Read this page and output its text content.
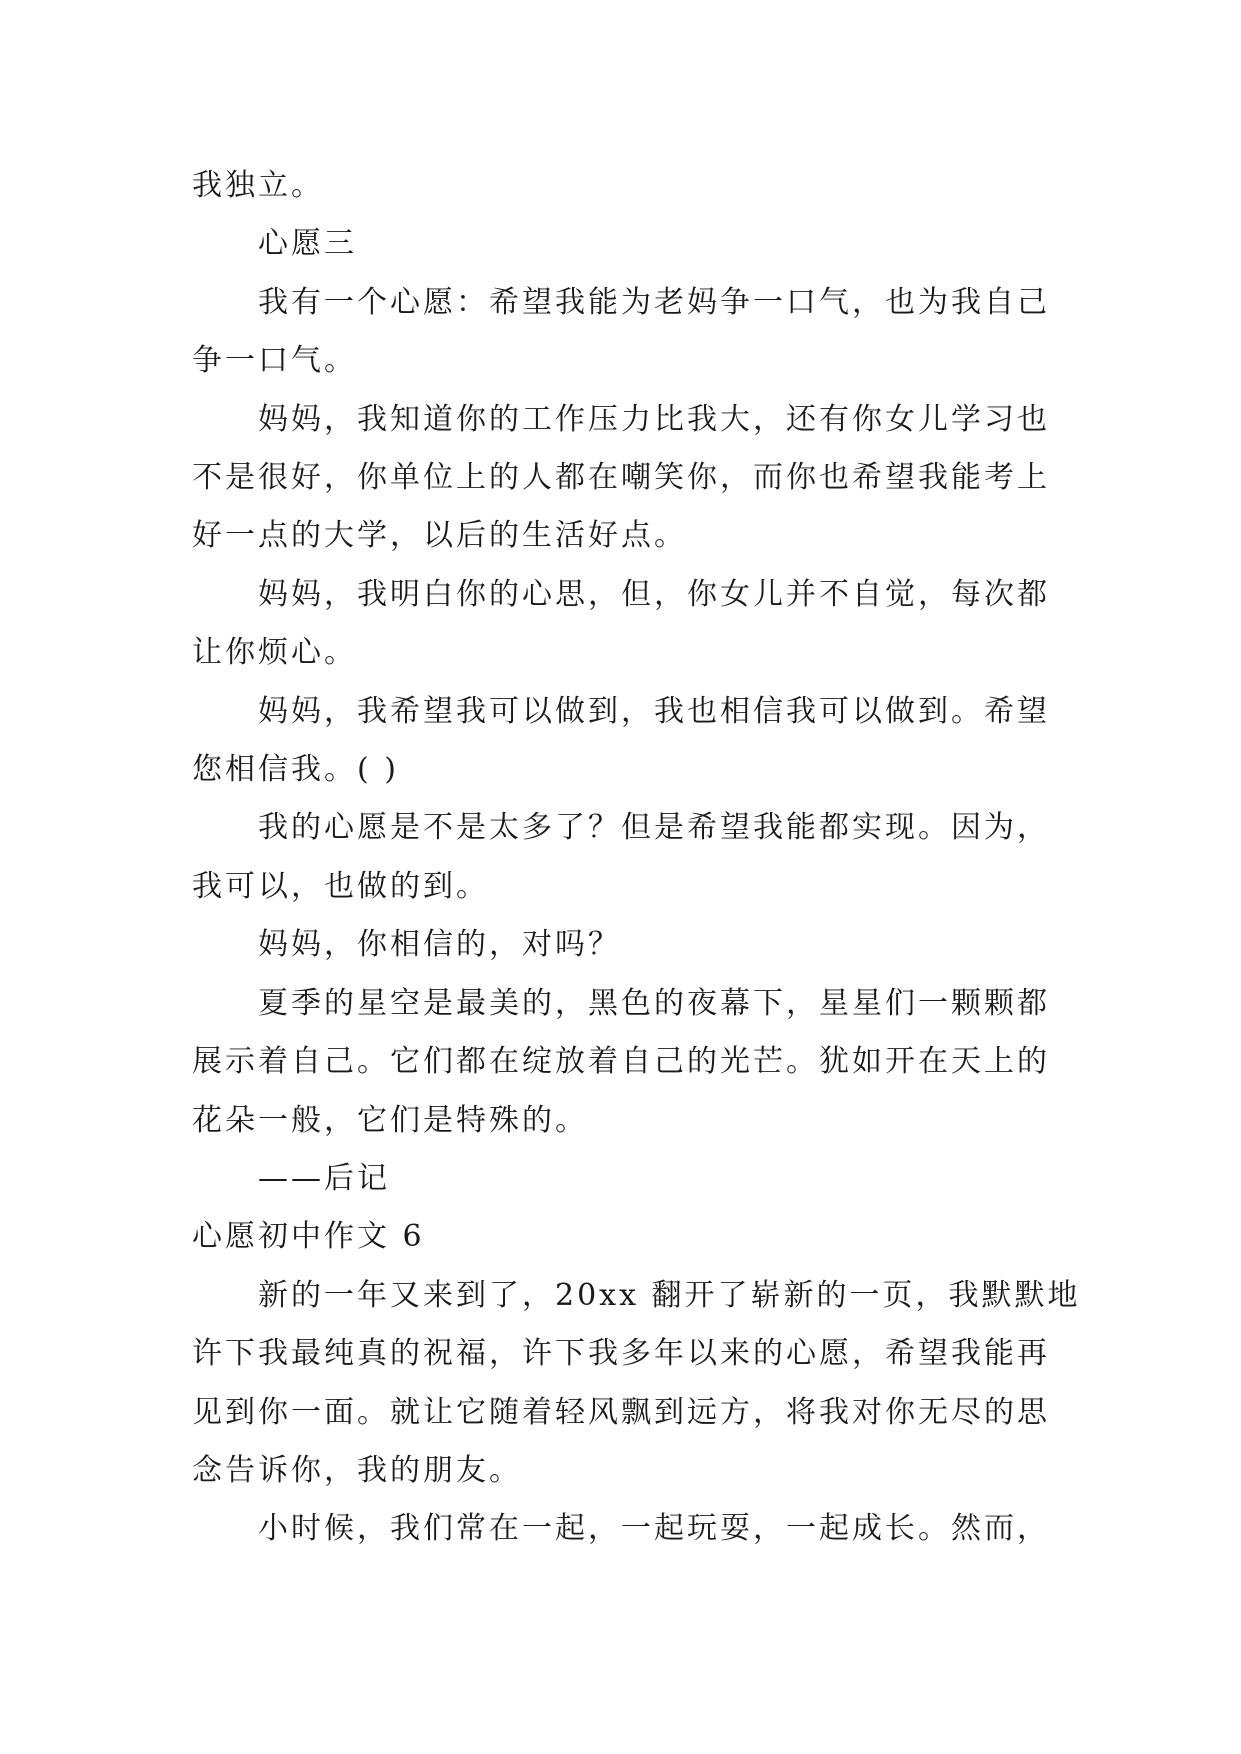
我独立。
心愿三
我有一个心愿：希望我能为老妈争一口气，也为我自己
争一口气。
妈妈，我知道你的工作压力比我大，还有你女儿学习也
不是很好，你单位上的人都在嘲笑你，而你也希望我能考上
好一点的大学，以后的生活好点。
妈妈，我明白你的心思，但，你女儿并不自觉，每次都
让你烦心。
妈妈，我希望我可以做到，我也相信我可以做到。希望
您相信我。( )
我的心愿是不是太多了？但是希望我能都实现。因为，
我可以，也做的到。
妈妈，你相信的，对吗？
夏季的星空是最美的，黑色的夜幕下，星星们一颗颗都
展示着自己。它们都在绽放着自己的光芒。犹如开在天上的
花朵一般，它们是特殊的。
——后记
心愿初中作文 6
新的一年又来到了，20xx 翻开了崭新的一页，我默默地
许下我最纯真的祝福，许下我多年以来的心愿，希望我能再
见到你一面。就让它随着轻风飘到远方，将我对你无尽的思
念告诉你，我的朋友。
小时候，我们常在一起，一起玩耍，一起成长。然而，
